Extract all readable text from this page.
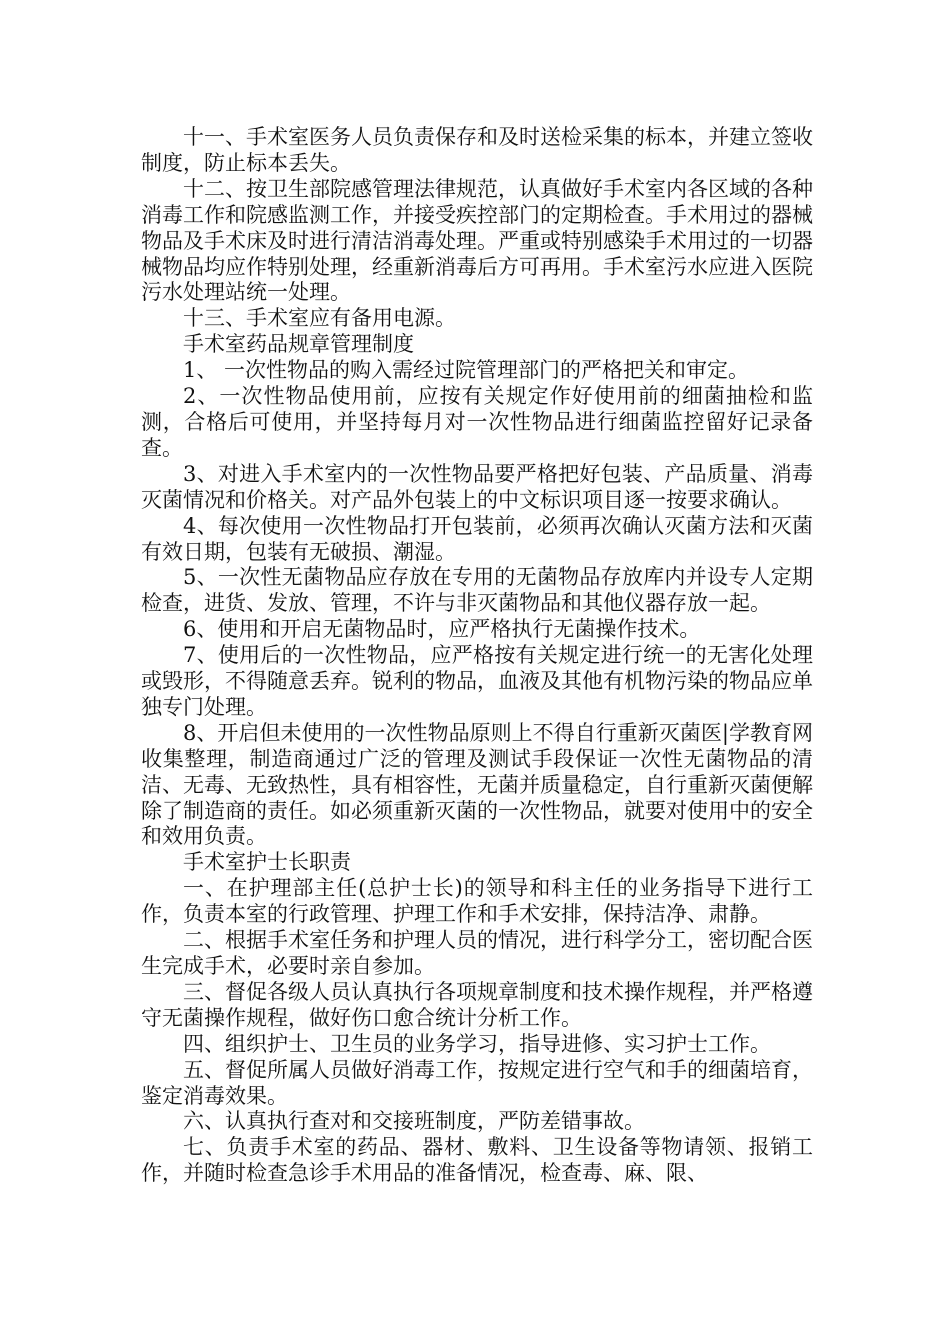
十一、手术室医务人员负责保存和及时送检采集的标本，并建立签收制度，防止标本丢失。

十二、按卫生部院感管理法律规范，认真做好手术室内各区域的各种消毒工作和院感监测工作，并接受疾控部门的定期检查。手术用过的器械物品及手术床及时进行清洁消毒处理。严重或特别感染手术用过的一切器械物品均应作特别处理，经重新消毒后方可再用。手术室污水应进入医院污水处理站统一处理。

十三、手术室应有备用电源。

手术室药品规章管理制度

1、 一次性物品的购入需经过院管理部门的严格把关和审定。

2、一次性物品使用前，应按有关规定作好使用前的细菌抽检和监测，合格后可使用，并坚持每月对一次性物品进行细菌监控留好记录备查。

3、对进入手术室内的一次性物品要严格把好包装、产品质量、消毒灭菌情况和价格关。对产品外包装上的中文标识项目逐一按要求确认。

4、每次使用一次性物品打开包装前，必须再次确认灭菌方法和灭菌有效日期，包装有无破损、潮湿。

5、一次性无菌物品应存放在专用的无菌物品存放库内并设专人定期检查，进货、发放、管理，不许与非灭菌物品和其他仪器存放一起。

6、使用和开启无菌物品时，应严格执行无菌操作技术。

7、使用后的一次性物品，应严格按有关规定进行统一的无害化处理或毁形，不得随意丢弃。锐利的物品，血液及其他有机物污染的物品应单独专门处理。

8、开启但未使用的一次性物品原则上不得自行重新灭菌医|学教育网收集整理，制造商通过广泛的管理及测试手段保证一次性无菌物品的清洁、无毒、无致热性，具有相容性，无菌并质量稳定，自行重新灭菌便解除了制造商的责任。如必须重新灭菌的一次性物品，就要对使用中的安全和效用负责。

手术室护士长职责

一、在护理部主任(总护士长)的领导和科主任的业务指导下进行工作，负责本室的行政管理、护理工作和手术安排，保持洁净、肃静。

二、根据手术室任务和护理人员的情况，进行科学分工，密切配合医生完成手术，必要时亲自参加。

三、督促各级人员认真执行各项规章制度和技术操作规程，并严格遵守无菌操作规程，做好伤口愈合统计分析工作。

四、组织护士、卫生员的业务学习，指导进修、实习护士工作。

五、督促所属人员做好消毒工作，按规定进行空气和手的细菌培育，鉴定消毒效果。

六、认真执行查对和交接班制度，严防差错事故。

七、负责手术室的药品、器材、敷料、卫生设备等物请领、报销工作，并随时检查急诊手术用品的准备情况，检查毒、麻、限、
